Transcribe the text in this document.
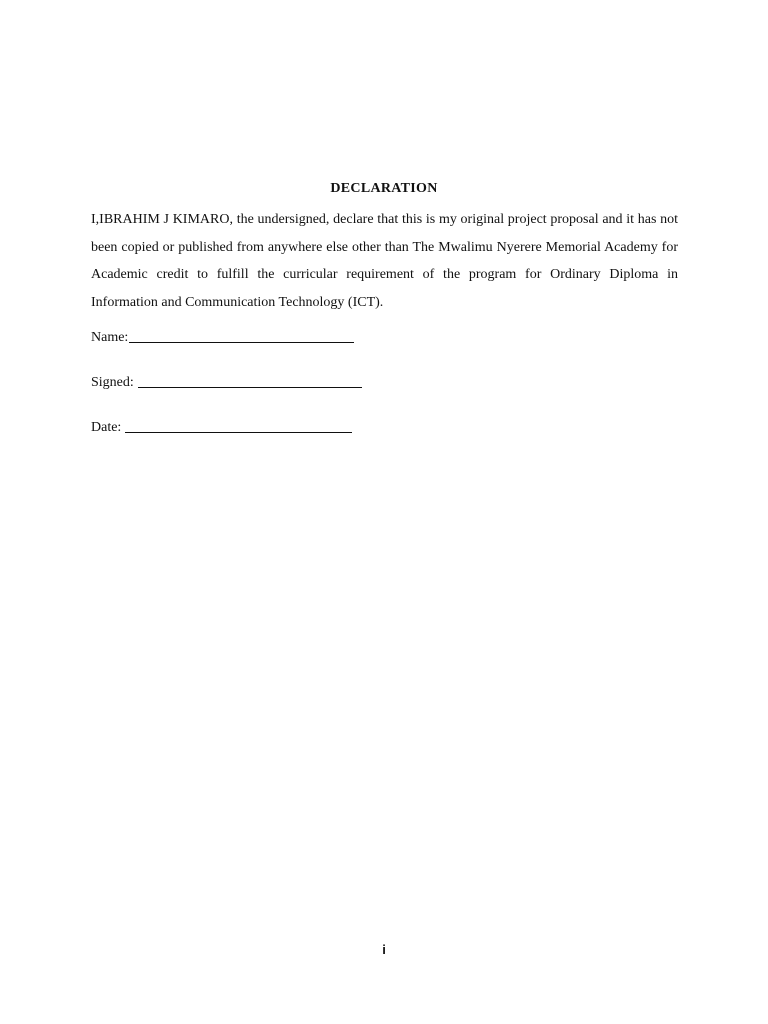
DECLARATION

I,IBRAHIM J KIMARO, the undersigned, declare that this is my original project proposal and it has not been copied or published from anywhere else other than The Mwalimu Nyerere Memorial Academy for Academic credit to fulfill the curricular requirement of the program for Ordinary Diploma in Information and Communication Technology (ICT).

Name:
Signed:
Date:
i
